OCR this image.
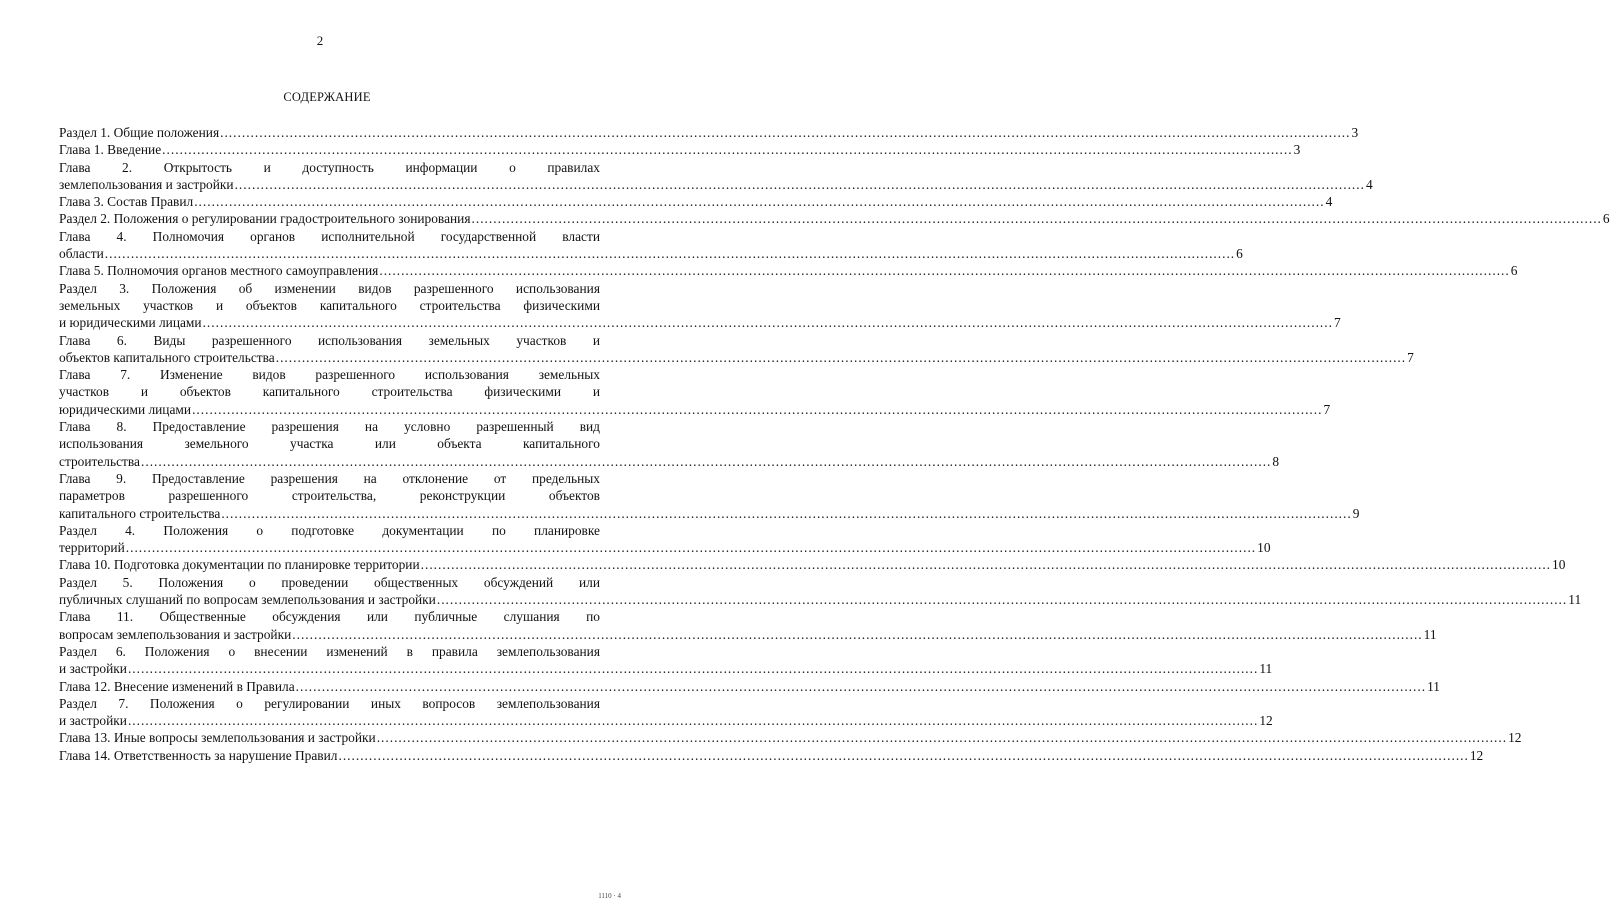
2
СОДЕРЖАНИЕ
Раздел 1. Общие положения .................................................................................................................................................................................................................................................................... 3
Глава 1. Введение .................................................................................................................................................................................................................................................................... 3
Глава 2. Открытость и доступность информации о правилах
землепользования и застройки .................................................................................................................................................................................................................................................................... 4
Глава 3. Состав Правил .................................................................................................................................................................................................................................................................... 4
Раздел 2. Положения о регулировании градостроительного зонирования .................................................................................................................................................................................................................................................................... 6
Глава 4. Полномочия органов исполнительной государственной власти
области .................................................................................................................................................................................................................................................................... 6
Глава 5. Полномочия органов местного самоуправления .................................................................................................................................................................................................................................................................... 6
Раздел 3. Положения об изменении видов разрешенного использования
земельных участков и объектов капитального строительства физическими
и юридическими лицами .................................................................................................................................................................................................................................................................... 7
Глава 6. Виды разрешенного использования земельных участков и
объектов капитального строительства .................................................................................................................................................................................................................................................................... 7
Глава 7. Изменение видов разрешенного использования земельных
участков и объектов капитального строительства физическими и
юридическими лицами .................................................................................................................................................................................................................................................................... 7
Глава 8. Предоставление разрешения на условно разрешенный вид
использования земельного участка или объекта капитального
строительства .................................................................................................................................................................................................................................................................... 8
Глава 9. Предоставление разрешения на отклонение от предельных
параметров разрешенного строительства, реконструкции объектов
капитального строительства .................................................................................................................................................................................................................................................................... 9
Раздел 4. Положения о подготовке документации по планировке
территорий .................................................................................................................................................................................................................................................................... 10
Глава 10. Подготовка документации по планировке территории .................................................................................................................................................................................................................................................................... 10
Раздел 5. Положения о проведении общественных обсуждений или
публичных слушаний по вопросам землепользования и застройки .................................................................................................................................................................................................................................................................... 11
Глава 11. Общественные обсуждения или публичные слушания по
вопросам землепользования и застройки .................................................................................................................................................................................................................................................................... 11
Раздел 6. Положения о внесении изменений в правила землепользования
и застройки .................................................................................................................................................................................................................................................................... 11
Глава 12. Внесение изменений в Правила .................................................................................................................................................................................................................................................................... 11
Раздел 7. Положения о регулировании иных вопросов землепользования
и застройки .................................................................................................................................................................................................................................................................... 12
Глава 13. Иные вопросы землепользования и застройки .................................................................................................................................................................................................................................................................... 12
Глава 14. Ответственность за нарушение Правил .................................................................................................................................................................................................................................................................... 12
1110 · 4
